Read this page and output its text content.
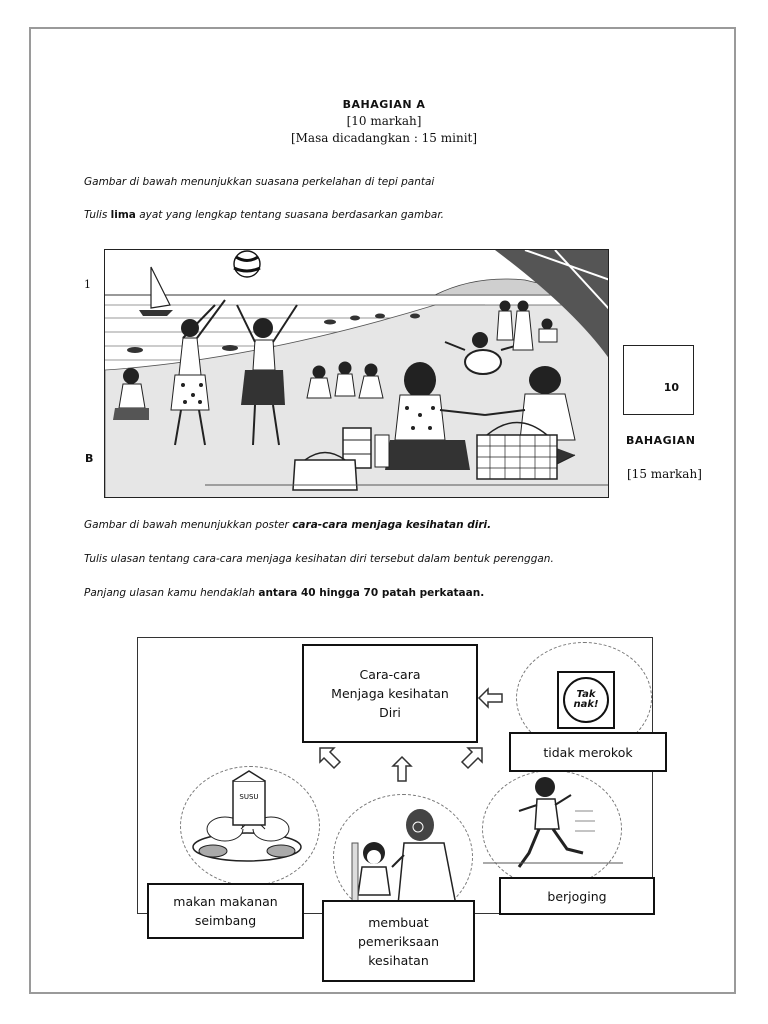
BAHAGIAN A
[10 markah]
[Masa dicadangkan : 15 minit]
Gambar di bawah menunjukkan suasana perkelahan di tepi pantai
Tulis lima ayat yang lengkap tentang suasana berdasarkan gambar.
1
B
10
BAHAGIAN
[15 markah]
Gambar di bawah menunjukkan poster cara-cara menjaga kesihatan diri.
Tulis ulasan tentang cara-cara menjaga kesihatan diri tersebut dalam bentuk perenggan.
Panjang ulasan kamu hendaklah antara 40 hingga 70 patah perkataan.
Tak nak!
SUSU
Cara-cara
Menjaga kesihatan
Diri
tidak merokok
berjoging
membuat
pemeriksaan
kesihatan
makan makanan
seimbang
